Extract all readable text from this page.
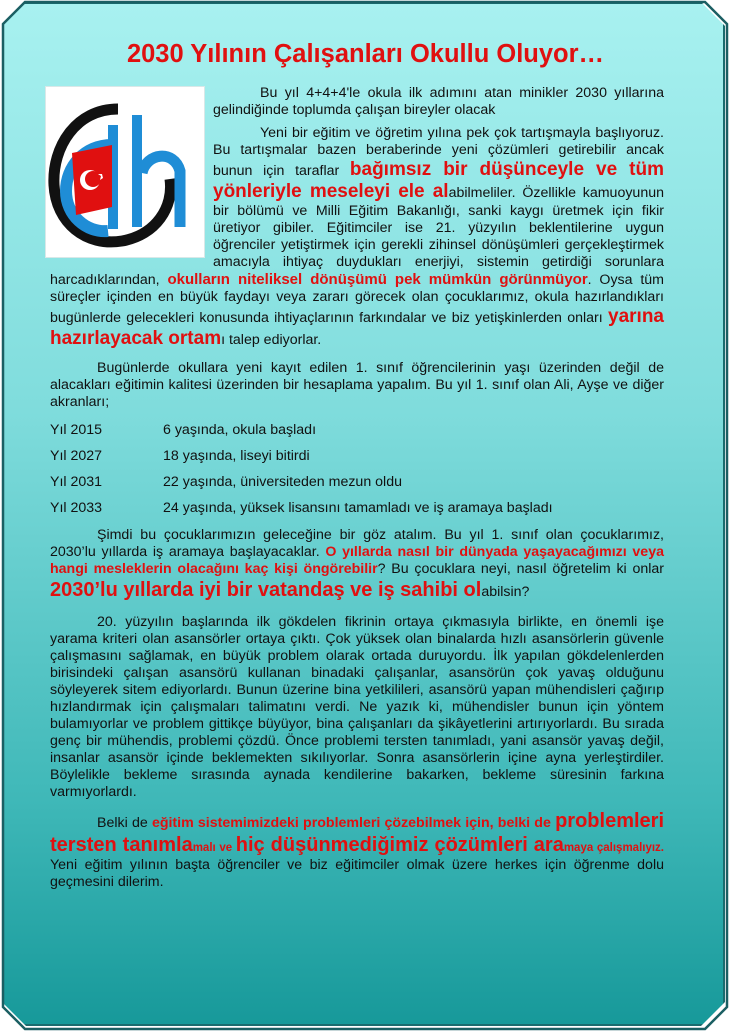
2030 Yılının Çalışanları Okullu Oluyor…

Bu yıl 4+4+4'le okula ilk adımını atan minikler 2030 yıllarına gelindiğinde toplumda çalışan bireyler olacak

Yeni bir eğitim ve öğretim yılına pek çok tartışmayla başlıyoruz. Bu tartışmalar bazen beraberinde yeni çözümleri getirebilir ancak bunun için taraflar bağımsız bir düşünceyle ve tüm yönleriyle meseleyi ele alabilmeliler. Özellikle kamuoyunun bir bölümü ve Milli Eğitim Bakanlığı, sanki kaygı üretmek için fikir üretiyor gibiler. Eğitimciler ise 21. yüzyılın beklentilerine uygun öğrenciler yetiştirmek için gerekli zihinsel dönüşümleri gerçekleştirmek amacıyla ihtiyaç duydukları enerjiyi, sistemin getirdiği sorunlara harcadıklarından, okulların niteliksel dönüşümü pek mümkün görünmüyor. Oysa tüm süreçler içinden en büyük faydayı veya zararı görecek olan çocuklarımız, okula hazırlandıkları bugünlerde gelecekleri konusunda ihtiyaçlarının farkındalar ve biz yetişkinlerden onları yarına hazırlayacak ortamı talep ediyorlar.

Bugünlerde okullara yeni kayıt edilen 1. sınıf öğrencilerinin yaşı üzerinden değil de alacakları eğitimin kalitesi üzerinden bir hesaplama yapalım. Bu yıl 1. sınıf olan Ali, Ayşe ve diğer akranları;

Yıl 2015	6 yaşında, okula başladı
Yıl 2027	18 yaşında, liseyi bitirdi
Yıl 2031	22 yaşında, üniversiteden mezun oldu
Yıl 2033	24 yaşında, yüksek lisansını tamamladı ve iş aramaya başladı

Şimdi bu çocuklarımızın geleceğine bir göz atalım. Bu yıl 1. sınıf olan çocuklarımız, 2030’lu yıllarda iş aramaya başlayacaklar. O yıllarda nasıl bir dünyada yaşayacağımızı veya hangi mesleklerin olacağını kaç kişi öngörebilir? Bu çocuklara neyi, nasıl öğretelim ki onlar 2030’lu yıllarda iyi bir vatandaş ve iş sahibi olabilsin?

20. yüzyılın başlarında ilk gökdelen fikrinin ortaya çıkmasıyla birlikte, en önemli işe yarama kriteri olan asansörler ortaya çıktı. Çok yüksek olan binalarda hızlı asansörlerin güvenle çalışmasını sağlamak, en büyük problem olarak ortada duruyordu. İlk yapılan gökdelenlerden birisindeki çalışan asansörü kullanan binadaki çalışanlar, asansörün çok yavaş olduğunu söyleyerek sitem ediyorlardı. Bunun üzerine bina yetkilileri, asansörü yapan mühendisleri çağırıp hızlandırmak için çalışmaları talimatını verdi. Ne yazık ki, mühendisler bunun için yöntem bulamıyorlar ve problem gittikçe büyüyor, bina çalışanları da şikâyetlerini artırıyorlardı. Bu sırada genç bir mühendis, problemi çözdü. Önce problemi tersten tanımladı, yani asansör yavaş değil, insanlar asansör içinde beklemekten sıkılıyorlar. Sonra asansörlerin içine ayna yerleştirdiler. Böylelikle bekleme sırasında aynada kendilerine bakarken, bekleme süresinin farkına varmıyorlardı.

Belki de eğitim sistemimizdeki problemleri çözebilmek için, belki de problemleri tersten tanımlamalı ve hiç düşünmediğimiz çözümleri aramaya çalışmalıyız. Yeni eğitim yılının başta öğrenciler ve biz eğitimciler olmak üzere herkes için öğrenme dolu geçmesini dilerim.
